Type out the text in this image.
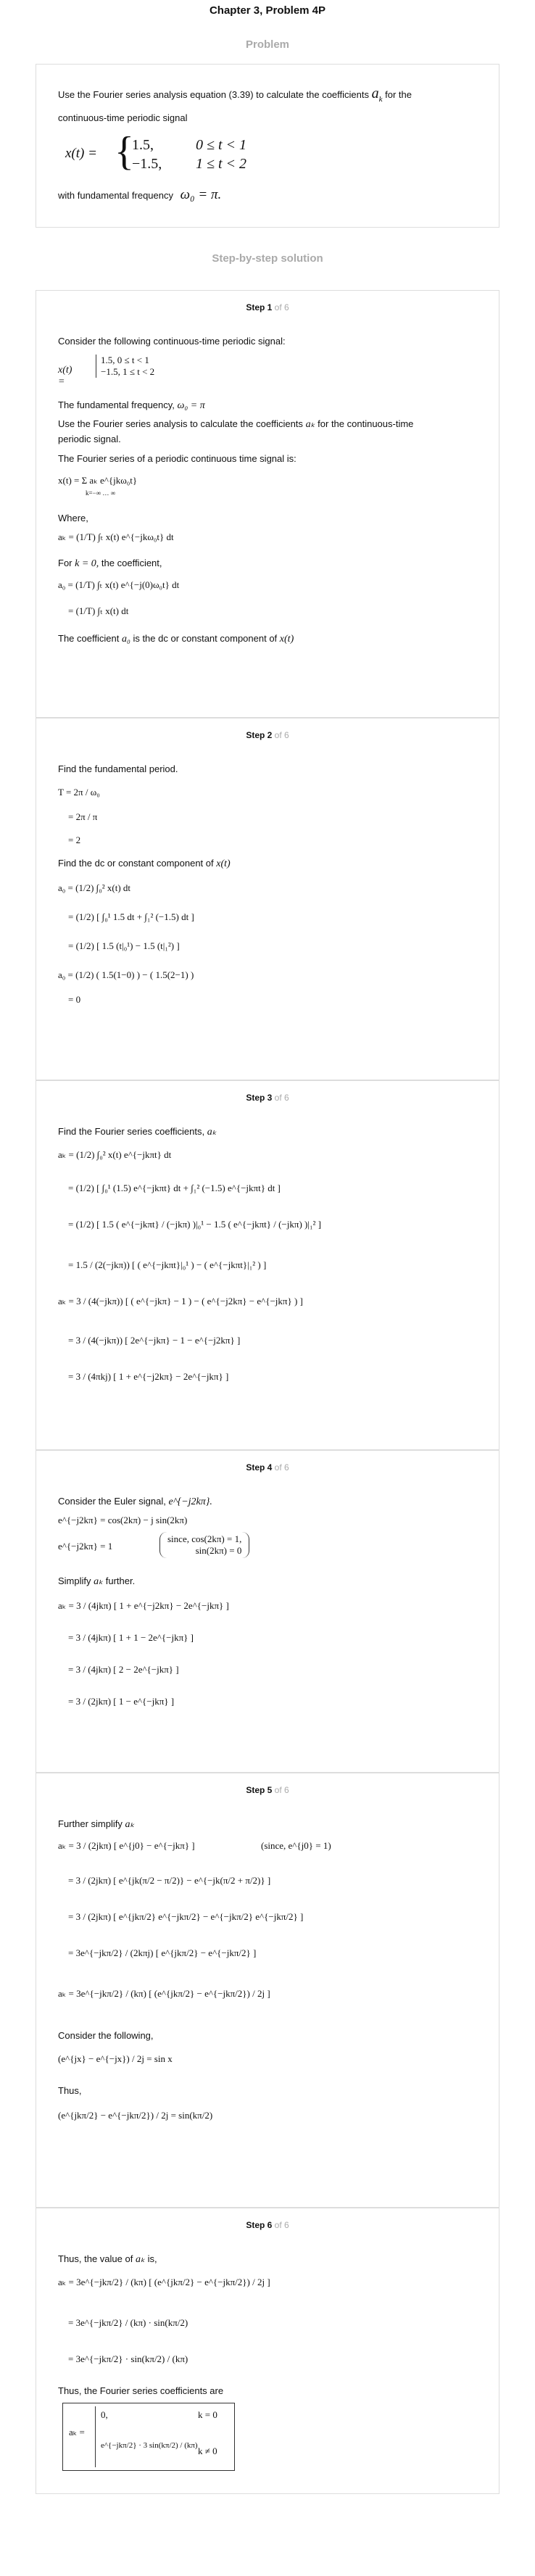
Chapter 3, Problem 4P
Problem

Use the Fourier series analysis equation (3.39) to calculate the coefficients $a_k$ for the

continuous-time periodic signal

x(t) = {
1.5,	0 ≤ t < 1
−1.5, 1 ≤ t < 2

with fundamental frequency ω₀ = π.

Step-by-step solution
Step 1 of 6

Consider the following continuous-time periodic signal:

x(t) =
1.5, 0 ≤ t < 1
−1.5, 1 ≤ t < 2

The fundamental frequency, ω₀ = π

Use the Fourier series analysis to calculate the coefficients aₖ for the continuous-time
periodic signal.

The Fourier series of a periodic continuous time signal is:

x(t) = Σ aₖ e^{jkω₀t}
k=−∞ … ∞

Where,

aₖ = (1/T) ∫ₜ x(t) e^{−jkω₀t} dt

For k = 0, the coefficient,

a₀ = (1/T) ∫ₜ x(t) e^{−j(0)ω₀t} dt
= (1/T) ∫ₜ x(t) dt

The coefficient a₀ is the dc or constant component of x(t)

Step 2 of 6

Find the fundamental period.

T = 2π / ω₀
= 2π / π
= 2

Find the dc or constant component of x(t)

a₀ = (1/2) ∫₀² x(t) dt
= (1/2) [ ∫₀¹ 1.5 dt + ∫₁² (−1.5) dt ]
= (1/2) [ 1.5 (t|₀¹) − 1.5 (t|₁²) ]
a₀ = (1/2) ( 1.5(1−0) ) − ( 1.5(2−1) )
= 0
Step 3 of 6

Find the Fourier series coefficients, aₖ

aₖ = (1/2) ∫₀² x(t) e^{−jkπt} dt
= (1/2) [ ∫₀¹ (1.5) e^{−jkπt} dt + ∫₁² (−1.5) e^{−jkπt} dt ]
= (1/2) [ 1.5 ( e^{−jkπt} / (−jkπ) )|₀¹ − 1.5 ( e^{−jkπt} / (−jkπ) )|₁² ]
= 1.5 / (2(−jkπ)) [ ( e^{−jkπt}|₀¹ ) − ( e^{−jkπt}|₁² ) ]
aₖ = 3 / (4(−jkπ)) [ ( e^{−jkπ} − 1 ) − ( e^{−j2kπ} − e^{−jkπ} ) ]
= 3 / (4(−jkπ)) [ 2e^{−jkπ} − 1 − e^{−j2kπ} ]
= 3 / (4πkj) [ 1 + e^{−j2kπ} − 2e^{−jkπ} ]
Step 4 of 6

Consider the Euler signal, e^{−j2kπ}.

e^{−j2kπ} = cos(2kπ) − j sin(2kπ)
e^{−j2kπ} = 1
since, cos(2kπ) = 1,
sin(2kπ) = 0

Simplify aₖ further.

aₖ = 3 / (4jkπ) [ 1 + e^{−j2kπ} − 2e^{−jkπ} ]
= 3 / (4jkπ) [ 1 + 1 − 2e^{−jkπ} ]
= 3 / (4jkπ) [ 2 − 2e^{−jkπ} ]
= 3 / (2jkπ) [ 1 − e^{−jkπ} ]
Step 5 of 6

Further simplify aₖ

aₖ = 3 / (2jkπ) [ e^{j0} − e^{−jkπ} ]	(since, e^{j0} = 1)
= 3 / (2jkπ) [ e^{jk(π/2 − π/2)} − e^{−jk(π/2 + π/2)} ]
= 3 / (2jkπ) [ e^{jkπ/2} e^{−jkπ/2} − e^{−jkπ/2} e^{−jkπ/2} ]
= 3e^{−jkπ/2} / (2kπj) [ e^{jkπ/2} − e^{−jkπ/2} ]
aₖ = 3e^{−jkπ/2} / (kπ) [ (e^{jkπ/2} − e^{−jkπ/2}) / 2j ]

Consider the following,

(e^{jx} − e^{−jx}) / 2j = sin x

Thus,

(e^{jkπ/2} − e^{−jkπ/2}) / 2j = sin(kπ/2)
Step 6 of 6

Thus, the value of aₖ is,

aₖ = 3e^{−jkπ/2} / (kπ) [ (e^{jkπ/2} − e^{−jkπ/2}) / 2j ]
= 3e^{−jkπ/2} / (kπ) · sin(kπ/2)
= 3e^{−jkπ/2} · sin(kπ/2) / (kπ)

Thus, the Fourier series coefficients are

aₖ =
0,	k = 0
e^{−jkπ/2} · 3 sin(kπ/2) / (kπ) k ≠ 0
